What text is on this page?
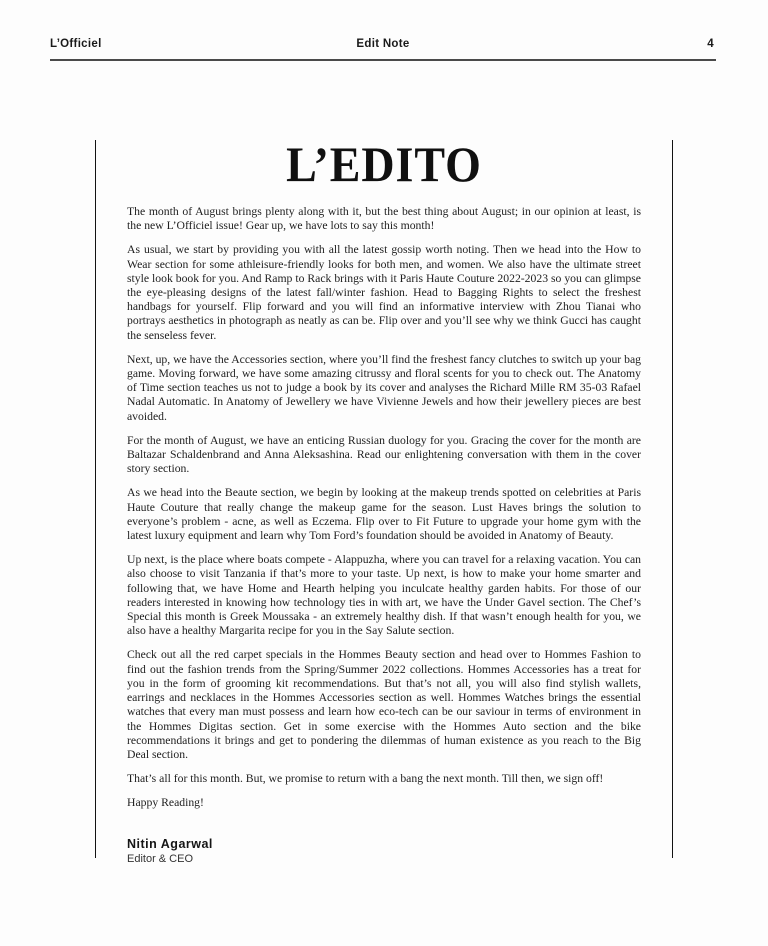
L’Officiel	Edit Note	4
L’EDITO

The month of August brings plenty along with it, but the best thing about August; in our opinion at least, is the new L’Officiel issue! Gear up, we have lots to say this month!

As usual, we start by providing you with all the latest gossip worth noting. Then we head into the How to Wear section for some athleisure-friendly looks for both men, and women. We also have the ultimate street style look book for you. And Ramp to Rack brings with it Paris Haute Couture 2022-2023 so you can glimpse the eye-pleasing designs of the latest fall/winter fashion. Head to Bagging Rights to select the freshest handbags for yourself. Flip forward and you will find an informative interview with Zhou Tianai who portrays aesthetics in photograph as neatly as can be. Flip over and you’ll see why we think Gucci has caught the senseless fever.

Next, up, we have the Accessories section, where you’ll find the freshest fancy clutches to switch up your bag game. Moving forward, we have some amazing citrussy and floral scents for you to check out. The Anatomy of Time section teaches us not to judge a book by its cover and analyses the Richard Mille RM 35-03 Rafael Nadal Automatic. In Anatomy of Jewellery we have Vivienne Jewels and how their jewellery pieces are best avoided.

For the month of August, we have an enticing Russian duology for you. Gracing the cover for the month are Baltazar Schaldenbrand and Anna Aleksashina. Read our enlightening conversation with them in the cover story section.

As we head into the Beaute section, we begin by looking at the makeup trends spotted on celebrities at Paris Haute Couture that really change the makeup game for the season. Lust Haves brings the solution to everyone’s problem - acne, as well as Eczema. Flip over to Fit Future to upgrade your home gym with the latest luxury equipment and learn why Tom Ford’s foundation should be avoided in Anatomy of Beauty.

Up next, is the place where boats compete - Alappuzha, where you can travel for a relaxing vacation. You can also choose to visit Tanzania if that’s more to your taste. Up next, is how to make your home smarter and following that, we have Home and Hearth helping you inculcate healthy garden habits. For those of our readers interested in knowing how technology ties in with art, we have the Under Gavel section. The Chef’s Special this month is Greek Moussaka - an extremely healthy dish. If that wasn’t enough health for you, we also have a healthy Margarita recipe for you in the Say Salute section.

Check out all the red carpet specials in the Hommes Beauty section and head over to Hommes Fashion to find out the fashion trends from the Spring/Summer 2022 collections. Hommes Accessories has a treat for you in the form of grooming kit recommendations. But that’s not all, you will also find stylish wallets, earrings and necklaces in the Hommes Accessories section as well. Hommes Watches brings the essential watches that every man must possess and learn how eco-tech can be our saviour in terms of environment in the Hommes Digitas section. Get in some exercise with the Hommes Auto section and the bike recommendations it brings and get to pondering the dilemmas of human existence as you reach to the Big Deal section.

That’s all for this month. But, we promise to return with a bang the next month. Till then, we sign off!

Happy Reading!

Nitin Agarwal
Editor & CEO
